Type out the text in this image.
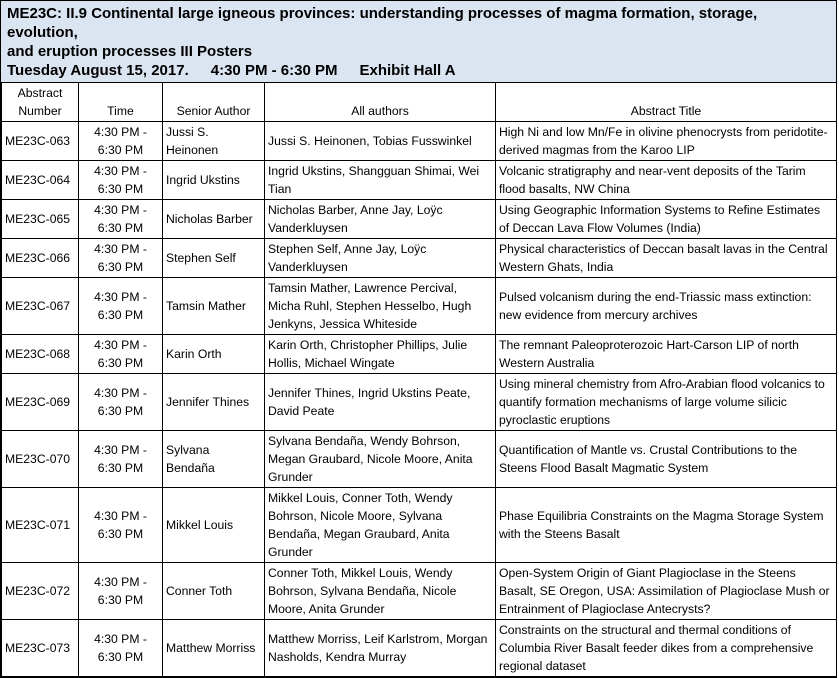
ME23C: II.9 Continental large igneous provinces: understanding processes of magma formation, storage, evolution,
and eruption processes III Posters
Tuesday August 15, 2017. 4:30 PM - 6:30 PM Exhibit Hall A
Abstract
Number	Time	Senior Author	All authors	Abstract Title

ME23C-063	4:30 PM -
6:30 PM	Jussi S. Heinonen	Jussi S. Heinonen, Tobias Fusswinkel	High Ni and low Mn/Fe in olivine phenocrysts from peridotite-derived magmas from the Karoo LIP

ME23C-064	4:30 PM -
6:30 PM	Ingrid Ukstins	Ingrid Ukstins, Shangguan Shimai, Wei Tian	Volcanic stratigraphy and near-vent deposits of the Tarim flood basalts, NW China

ME23C-065	4:30 PM -
6:30 PM	Nicholas Barber	Nicholas Barber, Anne Jay, Loÿc Vanderkluysen	Using Geographic Information Systems to Refine Estimates of Deccan Lava Flow Volumes (India)

ME23C-066	4:30 PM -
6:30 PM	Stephen Self	Stephen Self, Anne Jay, Loÿc Vanderkluysen	Physical characteristics of Deccan basalt lavas in the Central Western Ghats, India

ME23C-067	4:30 PM -
6:30 PM	Tamsin Mather	Tamsin Mather, Lawrence Percival, Micha Ruhl, Stephen Hesselbo, Hugh Jenkyns, Jessica Whiteside	Pulsed volcanism during the end-Triassic mass extinction: new evidence from mercury archives

ME23C-068	4:30 PM -
6:30 PM	Karin Orth	Karin Orth, Christopher Phillips, Julie Hollis, Michael Wingate	The remnant Paleoproterozoic Hart-Carson LIP of north Western Australia

ME23C-069	4:30 PM -
6:30 PM	Jennifer Thines	Jennifer Thines, Ingrid Ukstins Peate, David Peate	Using mineral chemistry from Afro-Arabian flood volcanics to quantify formation mechanisms of large volume silicic pyroclastic eruptions

ME23C-070	4:30 PM -
6:30 PM	Sylvana Bendaña	Sylvana Bendaña, Wendy Bohrson, Megan Graubard, Nicole Moore, Anita Grunder	Quantification of Mantle vs. Crustal Contributions to the Steens Flood Basalt Magmatic System

ME23C-071	4:30 PM -
6:30 PM	Mikkel Louis	Mikkel Louis, Conner Toth, Wendy Bohrson, Nicole Moore, Sylvana Bendaña, Megan Graubard, Anita Grunder	Phase Equilibria Constraints on the Magma Storage System with the Steens Basalt

ME23C-072	4:30 PM -
6:30 PM	Conner Toth	Conner Toth, Mikkel Louis, Wendy Bohrson, Sylvana Bendaña, Nicole Moore, Anita Grunder	Open-System Origin of Giant Plagioclase in the Steens Basalt, SE Oregon, USA: Assimilation of Plagioclase Mush or Entrainment of Plagioclase Antecrysts?

ME23C-073	4:30 PM -
6:30 PM	Matthew Morriss	Matthew Morriss, Leif Karlstrom, Morgan Nasholds, Kendra Murray	Constraints on the structural and thermal conditions of Columbia River Basalt feeder dikes from a comprehensive regional dataset
